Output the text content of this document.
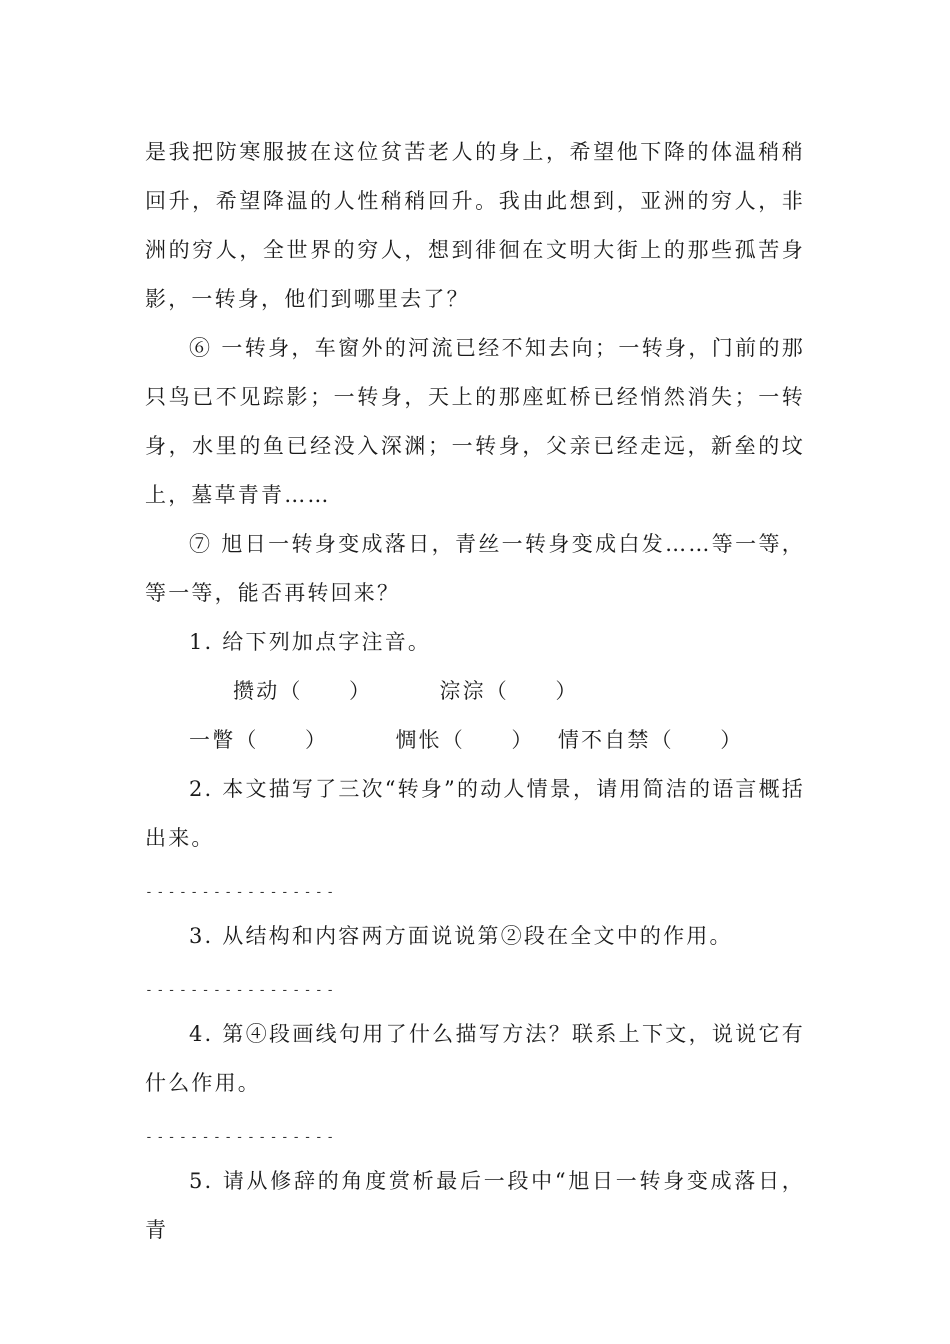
是我把防寒服披在这位贫苦老人的身上，希望他下降的体温稍稍回升，希望降温的人性稍稍回升。我由此想到，亚洲的穷人，非洲的穷人，全世界的穷人，想到徘徊在文明大街上的那些孤苦身影，一转身，他们到哪里去了？

⑥ 一转身，车窗外的河流已经不知去向；一转身，门前的那只鸟已不见踪影；一转身，天上的那座虹桥已经悄然消失；一转身，水里的鱼已经没入深渊；一转身，父亲已经走远，新垒的坟上，墓草青青……

⑦ 旭日一转身变成落日，青丝一转身变成白发……等一等，等一等，能否再转回来？

1. 给下列加点字注音。

攒动（　　）　	淙淙（　　）　　一瞥（　　）　	惆怅（　　）　 情不自禁（　　）

2. 本文描写了三次“转身”的动人情景，请用简洁的语言概括出来。

-----------------

3. 从结构和内容两方面说说第②段在全文中的作用。

-----------------

4. 第④段画线句用了什么描写方法？联系上下文，说说它有什么作用。

-----------------

5. 请从修辞的角度赏析最后一段中“旭日一转身变成落日，青
